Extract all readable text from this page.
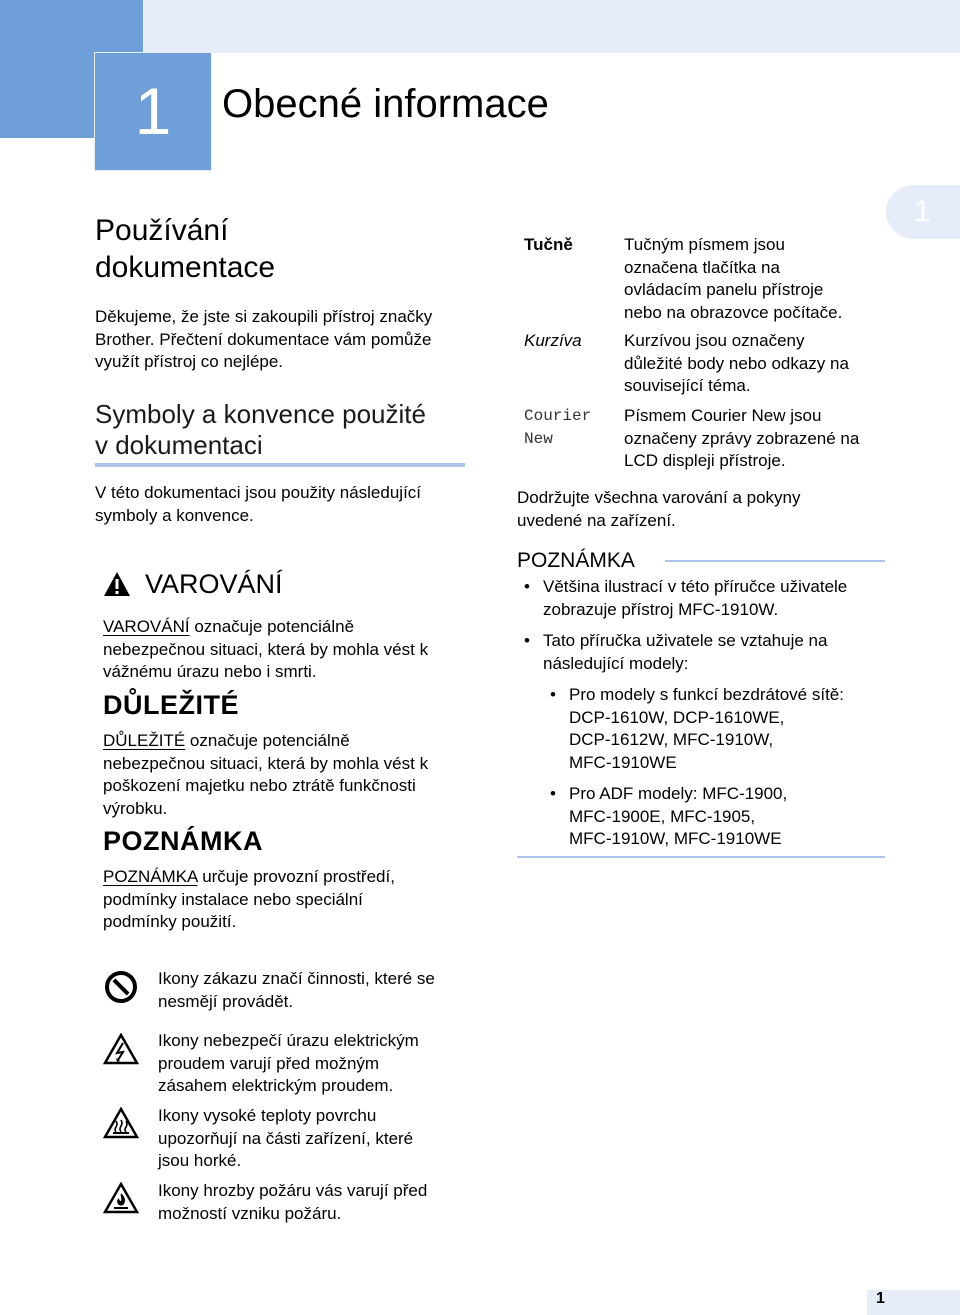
1	Obecné informace
1
Používání
dokumentace
Děkujeme, že jste si zakoupili přístroj značky
Brother. Přečtení dokumentace vám pomůže
využít přístroj co nejlépe.
Symboly a konvence použité
v dokumentaci
V této dokumentaci jsou použity následující
symboly a konvence.
VAROVÁNÍ
VAROVÁNÍ označuje potenciálně
nebezpečnou situaci, která by mohla vést k
vážnému úrazu nebo i smrti.
DŮLEŽITÉ
DŮLEŽITÉ označuje potenciálně
nebezpečnou situaci, která by mohla vést k
poškození majetku nebo ztrátě funkčnosti
výrobku.
POZNÁMKA
POZNÁMKA určuje provozní prostředí,
podmínky instalace nebo speciální
podmínky použití.
Ikony zákazu značí činnosti, které se
nesmějí provádět.
Ikony nebezpečí úrazu elektrickým
proudem varují před možným
zásahem elektrickým proudem.
Ikony vysoké teploty povrchu
upozorňují na části zařízení, které
jsou horké.
Ikony hrozby požáru vás varují před
možností vzniku požáru.
Tučně	Tučným písmem jsou
označena tlačítka na
ovládacím panelu přístroje
nebo na obrazovce počítače.
Kurzíva Kurzívou jsou označeny
důležité body nebo odkazy na
související téma.
Courier
New
Písmem Courier New jsou
označeny zprávy zobrazené na
LCD displeji přístroje.
Dodržujte všechna varování a pokyny
uvedené na zařízení.
POZNÁMKA
• Většina ilustrací v této příručce uživatele
zobrazuje přístroj MFC-1910W.
• Tato příručka uživatele se vztahuje na
následující modely:
• Pro modely s funkcí bezdrátové sítě:
DCP-1610W, DCP-1610WE,
DCP-1612W, MFC-1910W,
MFC-1910WE
• Pro ADF modely: MFC-1900,
MFC-1900E, MFC-1905,
MFC-1910W, MFC-1910WE
1
